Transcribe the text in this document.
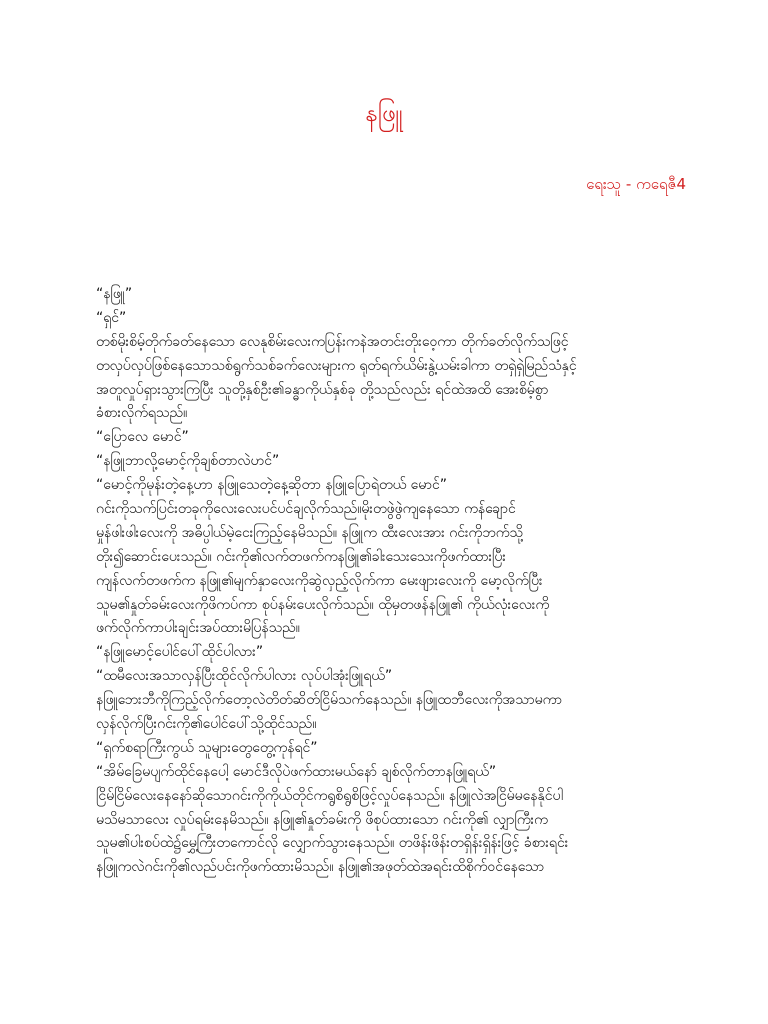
နဖြူ

ရေးသူ - ကရေဇီ4

“နဖြူ”

“ရှင်”

တစ်မိုးစိမ့်တိုက်ခတ်နေသော လေနုစိမ်းလေးကပြန်းကနဲအတင်းတိုးဝေ့ကာ တိုက်ခတ်လိုက်သဖြင့်

တလှပ်လှပ်ဖြစ်နေသောသစ်ရွက်သစ်ခက်လေးများက ရုတ်ရက်ယိမ်းနွဲ့ယမ်းခါကာ တရှဲရှဲမြည်သံနှင့်

အတူလှုပ်ရှားသွားကြပြီး သူတို့နှစ်ဦး၏ခန္ဓာကိုယ်နှစ်ခု တို့သည်လည်း ရင်ထဲအထိ အေးစိမ့်စွာ

ခံစားလိုက်ရသည်။

“ပြောလေ မောင်”

“နဖြူဘာလို့မောင့်ကိုချစ်တာလဲဟင်”

“မောင့်ကိုမုန်းတဲ့နေ့ဟာ နဖြူသေတဲ့နေ့ဆိုတာ နဖြူပြောရဲတယ် မောင်”

ဂင်းကိုသက်ပြင်းတခုကိုလေးလေးပင်ပင်ချလိုက်သည်။မိုးတဖွဲဖွဲကျနေသော ကန်ချောင်

မှုန်ဖါးဖါးလေးကို အဓိပ္ပါယ်မဲ့ငေးကြည့်နေမိသည်။ နဖြူက ထီးလေးအား ဂင်းကိုဘက်သို့

တိုး၍ဆောင်းပေးသည်။ ဂင်းကို၏လက်တဖက်ကနဖြူ၏ခါးသေးသေးကိုဖက်ထားပြီး

ကျန်လက်တဖက်က နဖြူ၏မျက်နှာလေးကိုဆွဲလှည့်လိုက်ကာ မေးဖျားလေးကို မော့လိုက်ပြီး

သူမ၏နှုတ်ခမ်းလေးကိုဖိကပ်ကာ စုပ်နမ်းပေးလိုက်သည်။ ထိုမှတဖန်နဖြူ၏ ကိုယ်လုံးလေးကို

ဖက်လိုက်ကာပါးချင်းအပ်ထားမိပြန်သည်။

“နဖြူမောင့်ပေါင်ပေါ်ထိုင်ပါလား”

“ထမီလေးအသာလှန်ပြီးထိုင်လိုက်ပါလား လုပ်ပါအုံးဖြူရယ်”

နဖြူဘေးဘီကိုကြည့်လိုက်တော့လဲတိတ်ဆိတ်ငြိမ်သက်နေသည်။ နဖြူထဘီလေးကိုအသာမကာ

လှန်လိုက်ပြီးဂင်းကို၏ပေါင်ပေါ်သို့ထိုင်သည်။

“ရှက်စရာကြီးကွယ် သူများတွေတွေ့ကုန်ရင်”

“အိမ်ခြေမပျက်ထိုင်နေပေါ့ မောင်ဒီလိုပဲဖက်ထားမယ်နော် ချစ်လိုက်တာနဖြူရယ်”

ငြိမ်ငြိမ်လေးနေနော်ဆိုသောဂင်းကိုကိုယ်တိုင်ကရွစိရွစိဖြင့်လှုပ်နေသည်။ နဖြူလဲအငြိမ်မနေနိုင်ပါ

မသိမသာလေး လှုပ်ရမ်းနေမိသည်။ နဖြူ၏နှုတ်ခမ်းကို ဖိစုပ်ထားသော ဂင်းကို၏ လျှာကြီးက

သူမ၏ပါးစပ်ထဲ၌မွှေ့ကြီးတကောင်လို လျှောက်သွားနေသည်။ တဖိန်းဖိန်းတရှိန်းရှိန်းဖြင့် ခံစားရင်း

နဖြူကလဲဂင်းကို၏လည်ပင်းကိုဖက်ထားမိသည်။ နဖြူ၏အဖုတ်ထဲအရင်းထိစိုက်ဝင်နေသော
